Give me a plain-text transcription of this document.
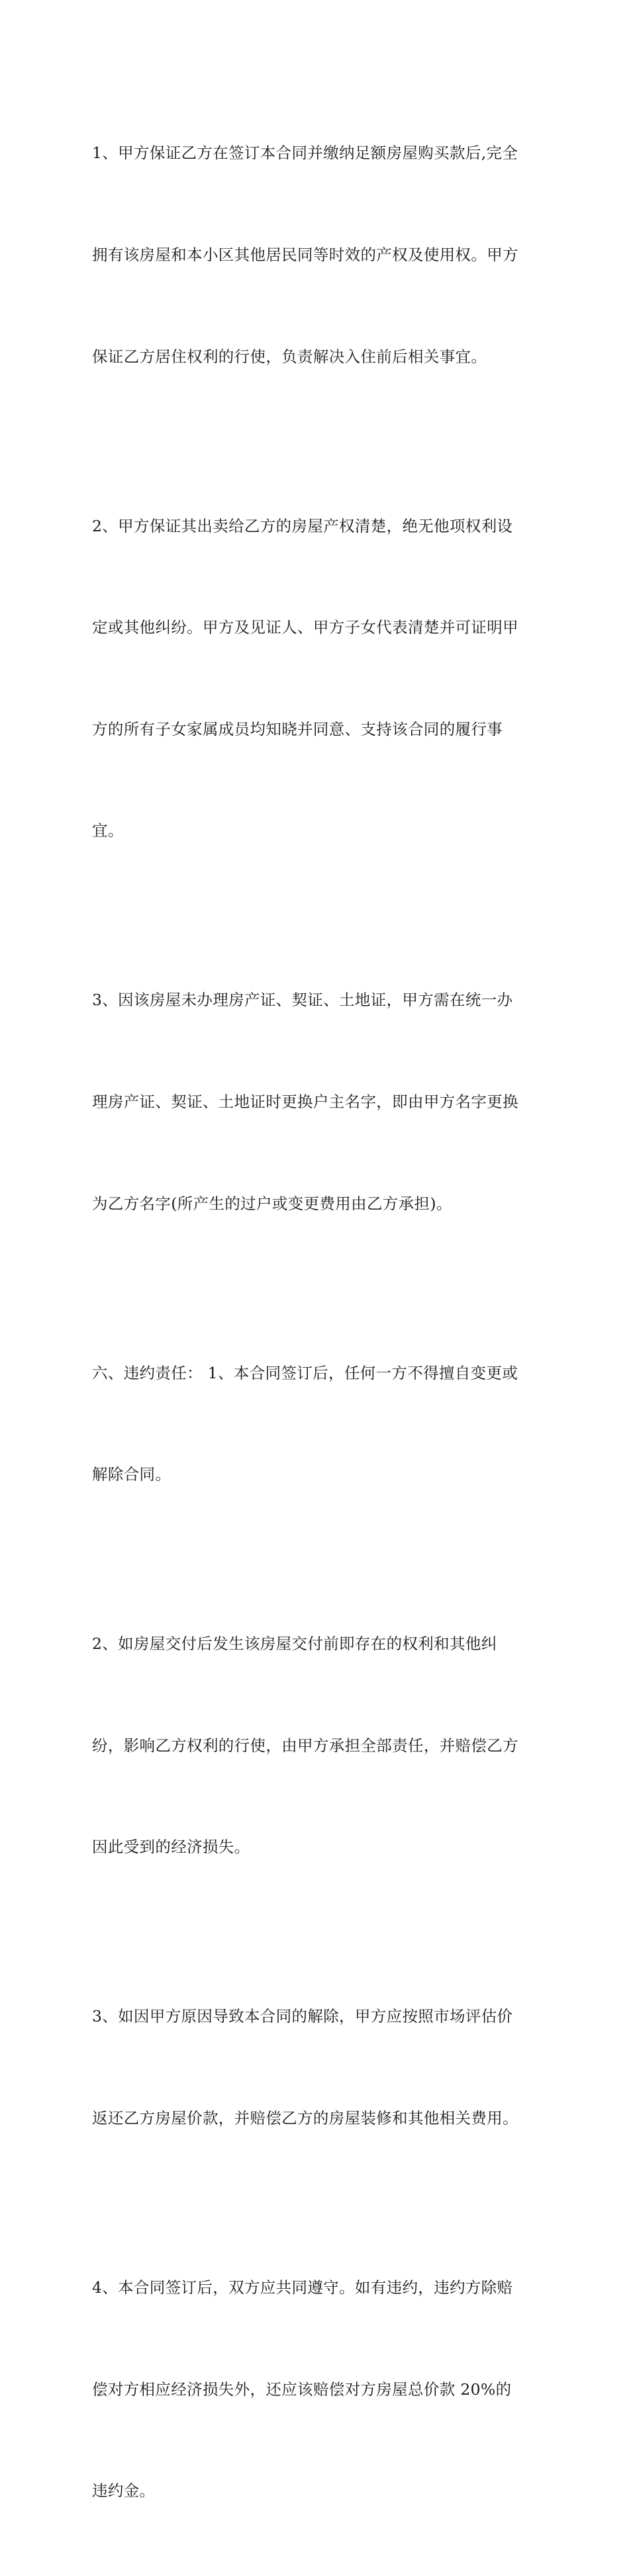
1、甲方保证乙方在签订本合同并缴纳足额房屋购买款后,完全

拥有该房屋和本小区其他居民同等时效的产权及使用权。甲方

保证乙方居住权利的行使，负责解决入住前后相关事宜。

2、甲方保证其出卖给乙方的房屋产权清楚，绝无他项权利设

定或其他纠纷。甲方及见证人、甲方子女代表清楚并可证明甲

方的所有子女家属成员均知晓并同意、支持该合同的履行事

宜。

3、因该房屋未办理房产证、契证、土地证，甲方需在统一办

理房产证、契证、土地证时更换户主名字，即由甲方名字更换

为乙方名字(所产生的过户或变更费用由乙方承担)。

六、违约责任： 1、本合同签订后，任何一方不得擅自变更或

解除合同。

2、如房屋交付后发生该房屋交付前即存在的权利和其他纠

纷，影响乙方权利的行使，由甲方承担全部责任，并赔偿乙方

因此受到的经济损失。

3、如因甲方原因导致本合同的解除，甲方应按照市场评估价

返还乙方房屋价款，并赔偿乙方的房屋装修和其他相关费用。

4、本合同签订后，双方应共同遵守。如有违约，违约方除赔

偿对方相应经济损失外，还应该赔偿对方房屋总价款 20%的

违约金。
